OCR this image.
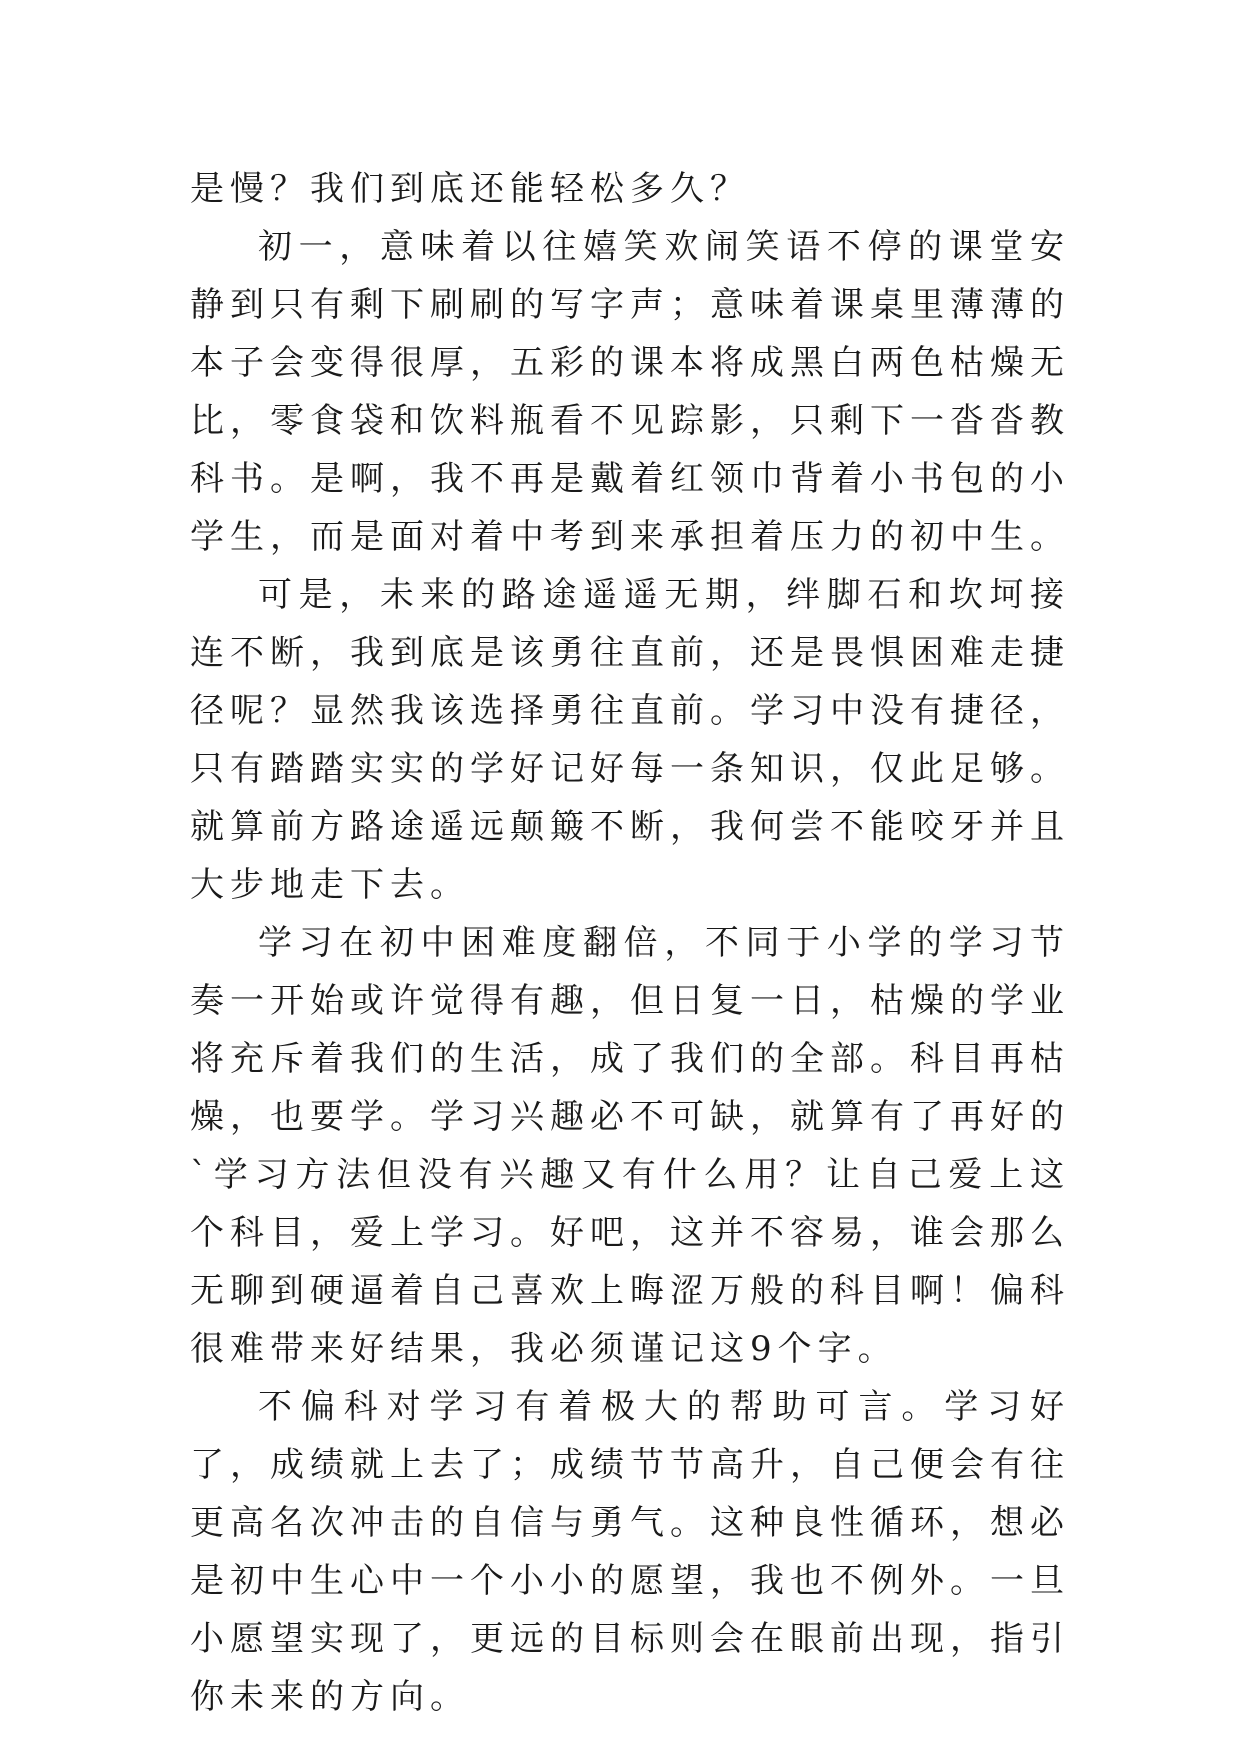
是慢？我们到底还能轻松多久？

初一，意味着以往嬉笑欢闹笑语不停的课堂安静到只有剩下刷刷的写字声；意味着课桌里薄薄的本子会变得很厚，五彩的课本将成黑白两色枯燥无比，零食袋和饮料瓶看不见踪影，只剩下一沓沓教科书。是啊，我不再是戴着红领巾背着小书包的小学生，而是面对着中考到来承担着压力的初中生。

可是，未来的路途遥遥无期，绊脚石和坎坷接连不断，我到底是该勇往直前，还是畏惧困难走捷径呢？显然我该选择勇往直前。学习中没有捷径，只有踏踏实实的学好记好每一条知识，仅此足够。就算前方路途遥远颠簸不断，我何尝不能咬牙并且大步地走下去。

学习在初中困难度翻倍，不同于小学的学习节奏一开始或许觉得有趣，但日复一日，枯燥的学业将充斥着我们的生活，成了我们的全部。科目再枯燥，也要学。学习兴趣必不可缺，就算有了再好的`学习方法但没有兴趣又有什么用？让自己爱上这个科目，爱上学习。好吧，这并不容易，谁会那么无聊到硬逼着自己喜欢上晦涩万般的科目啊！偏科很难带来好结果，我必须谨记这9个字。

不偏科对学习有着极大的帮助可言。学习好了，成绩就上去了；成绩节节高升，自己便会有往更高名次冲击的自信与勇气。这种良性循环，想必是初中生心中一个小小的愿望，我也不例外。一旦小愿望实现了，更远的目标则会在眼前出现，指引你未来的方向。
